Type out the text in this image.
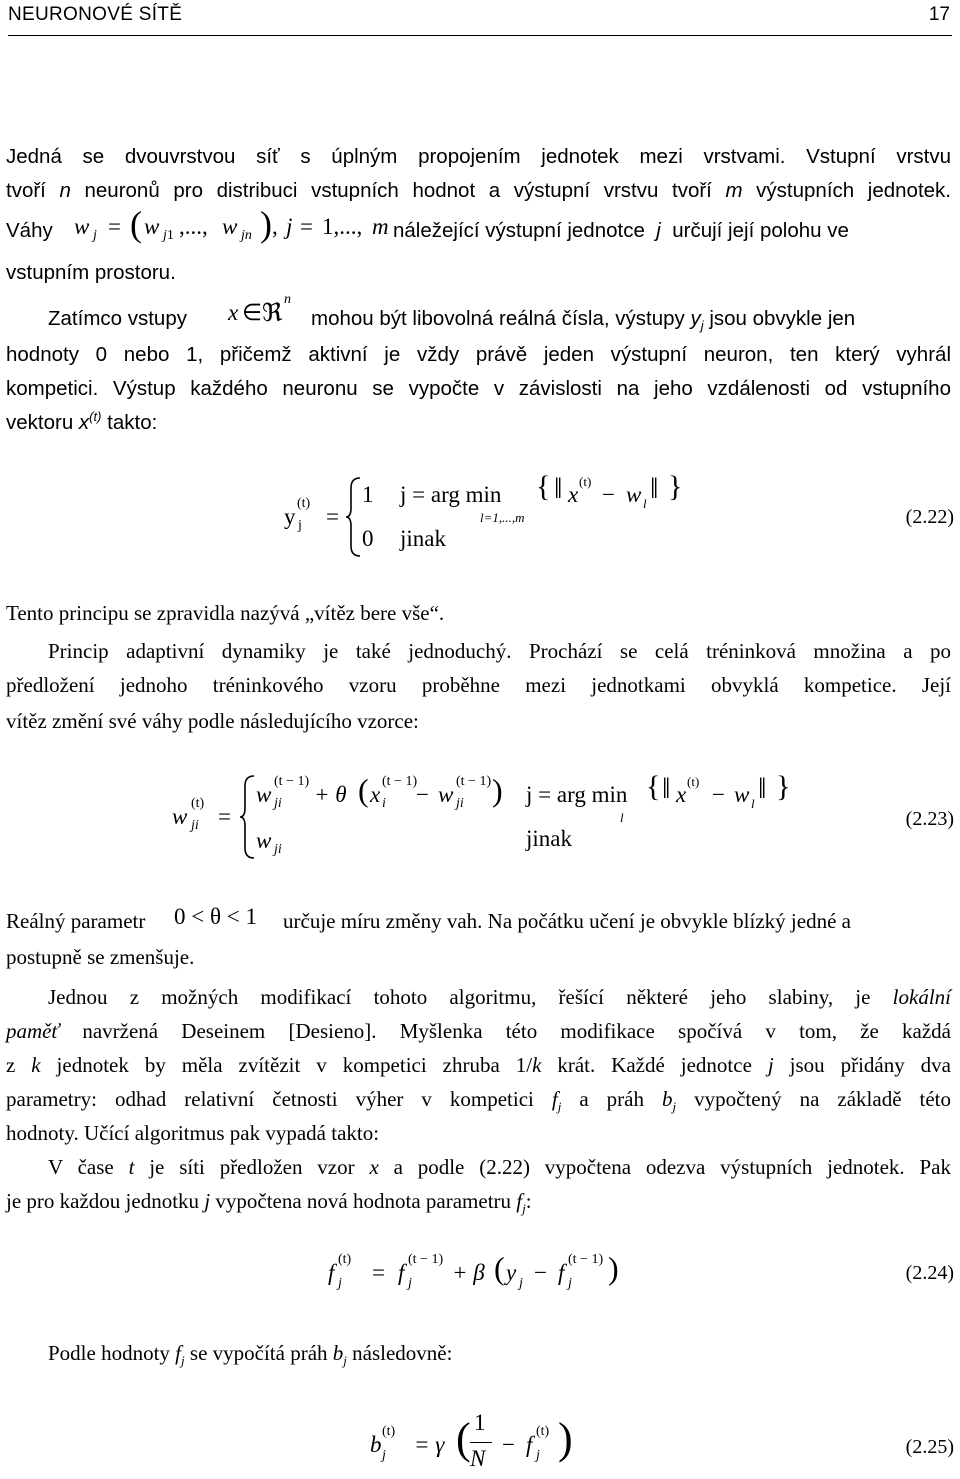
NEURONOVÉ SÍTĚ	17
Jedná se dvouvrstvou síť s úplným propojením jednotek mezi vrstvami. Vstupní vrstvu
tvoří n neuronů pro distribuci vstupních hodnot a výstupní vrstvu tvoří m výstupních jednotek.
Váhy w j = ( w j1 ,..., w jn ) , j = 1,..., m náležející výstupní jednotce j určují její polohu ve
vstupním prostoru.
Zatímco vstupy x ∈ ℜ
n
mohou být libovolná reálná čísla, výstupy $y_j$ jsou obvykle jen
hodnoty 0 nebo 1, přičemž aktivní je vždy právě jeden výstupní neuron, ten který vyhrál
kompetici. Výstup každého neuronu se vypočte v závislosti na jeho vzdálenosti od vstupního
vektoru $x^{(t)}$ takto:
y
(t)
j =
1 j = arg min
l=1,...,m
{ ‖ x
(t)
− w l ‖ }
0 jinak
(2.22)
Tento principu se zpravidla nazývá „vítěz bere vše“.
Princip adaptivní dynamiky je také jednoduchý. Prochází se celá tréninková množina a po
předložení jednoho tréninkového vzoru proběhne mezi jednotkami obvyklá kompetice. Její
vítěz změní své váhy podle následujícího vzorce:
w
(t)
ji =
w
(t − 1)
ji + θ ( x
(t − 1)
i − w
(t − 1)
ji ) j = arg min
l
{ ‖ x
(t)
− w l ‖ }
w ji	jinak
(2.23)
Reálný parametr 0 < θ < 1 určuje míru změny vah. Na počátku učení je obvykle blízký jedné a
postupně se zmenšuje.
Jednou z možných modifikací tohoto algoritmu, řešící některé jeho slabiny, je lokální
paměť navržená Deseinem [Desieno]. Myšlenka této modifikace spočívá v tom, že každá
z k jednotek by měla zvítězit v kompetici zhruba 1/k krát. Každé jednotce j jsou přidány dva
parametry: odhad relativní četnosti výher v kompetici $f_j$ a práh $b_j$ vypočtený na základě této
hodnoty. Učící algoritmus pak vypadá takto:
V čase t je síti předložen vzor x a podle (2.22) vypočtena odezva výstupních jednotek. Pak
je pro každou jednotku j vypočtena nová hodnota parametru $f_j$:
f
(t)
j = f
(t − 1)
j + β ( y j − f
(t − 1)
j )	(2.24)
Podle hodnoty $f_j$ se vypočítá práh $b_j$ následovně:
b
(t)
j = γ ( 1
N
− f
(t)
j )	(2.25)
